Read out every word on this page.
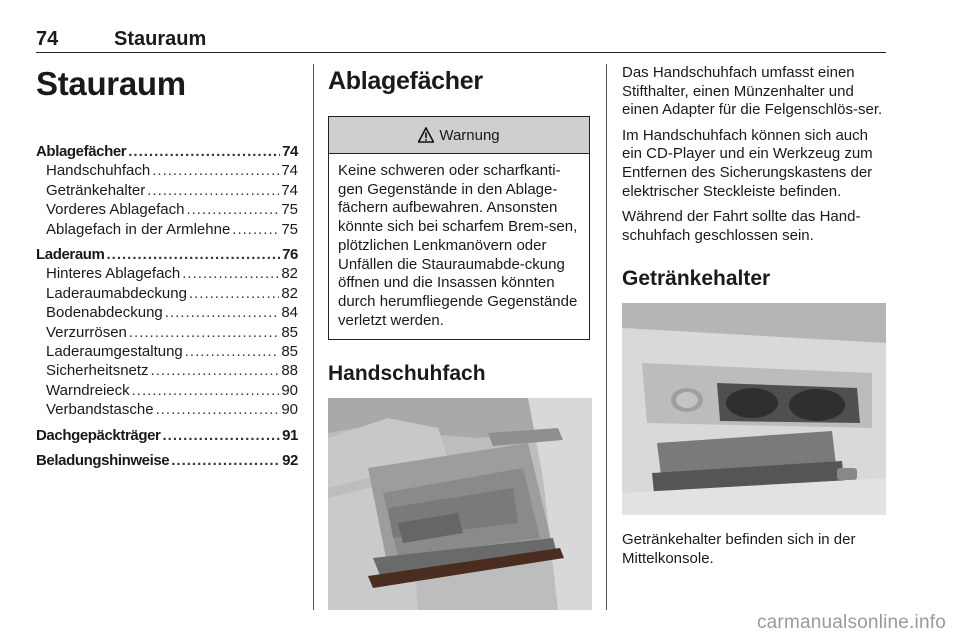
74	Stauraum
Stauraum
Ablagefächer .....	74
Handschuhfach .....	74
Getränkehalter .....	74
Vorderes Ablagefach .....	75
Ablagefach in der Armlehne .....	75
Laderaum .....	76
Hinteres Ablagefach .....	82
Laderaumabdeckung .....	82
Bodenabdeckung .....	84
Verzurrösen .....	85
Laderaumgestaltung .....	85
Sicherheitsnetz .....	88
Warndreieck .....	90
Verbandstasche .....	90
Dachgepäckträger .....	91
Beladungshinweise .....	92
Ablagefächer
Warnung
Keine schweren oder scharfkanti-gen Gegenstände in den Ablage-fächern aufbewahren. Ansonsten könnte sich bei scharfem Brem-sen, plötzlichen Lenkmanövern oder Unfällen die Stauraumabde-ckung öffnen und die Insassen könnten durch herumfliegende Gegenstände verletzt werden.
Handschuhfach

Das Handschuhfach umfasst einen Stifthalter, einen Münzenhalter und einen Adapter für die Felgenschlös-ser.

Im Handschuhfach können sich auch ein CD-Player und ein Werkzeug zum Entfernen des Sicherungskastens der elektrischer Steckleiste befinden.

Während der Fahrt sollte das Hand-schuhfach geschlossen sein.

Getränkehalter
Getränkehalter befinden sich in der Mittelkonsole.
carmanualsonline.info
